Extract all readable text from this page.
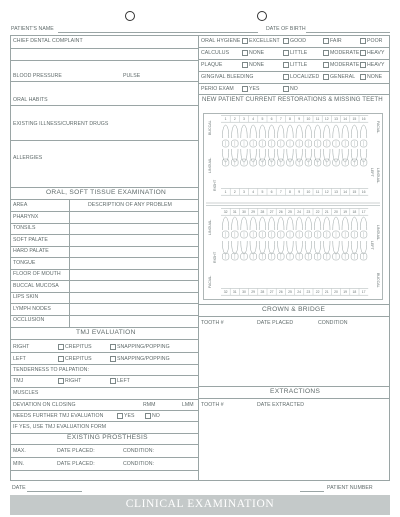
PATIENT'S NAME	DATE OF BIRTH
CHIEF DENTAL COMPLAINT
BLOOD PRESSURE	PULSE
ORAL HABITS
EXISTING ILLNESS/CURRENT DRUGS
ALLERGIES
ORAL, SOFT TISSUE EXAMINATION
AREA	DESCRIPTION OF ANY PROBLEM
PHARYNX
TONSILS
SOFT PALATE
HARD PALATE
TONGUE
FLOOR OF MOUTH
BUCCAL MUCOSA
LIPS SKIN
LYMPH NODES
OCCLUSION
TMJ EVALUATION
RIGHT	CREPITUS	SNAPPING/POPPING
LEFT	CREPITUS	SNAPPING/POPPING
TENDERNESS TO PALPATION:
TMJ	RIGHT	LEFT
MUSCLES
DEVIATION ON CLOSING	RMM	LMM
NEEDS FURTHER TMJ EVALUATION	YES	NO
IF YES, USE TMJ EVALUATION FORM
EXISTING PROSTHESIS
MAX.	DATE PLACED:	CONDITION:
MIN.	DATE PLACED:	CONDITION:
ORAL HYGIENE EXCELLENT GOOD	FAIR	POOR
CALCULUS	NONE	LITTLE	MODERATE HEAVY
PLAQUE	NONE	LITTLE	MODERATE HEAVY
GINGIVAL BLEEDING	LOCALIZED GENERAL NONE
PERIO EXAM	YES	NO
NEW PATIENT CURRENT RESTORATIONS & MISSING TEETH
1 2 3 4 5 6 7 8 9 10 11 12 13 14 15 16
1 2 3 4 5 6 7 8 9 10 11 12 13 14 15 16
32 31 30 29 28 27 26 25 24 23 22 21 20 19 18 17
32 31 30 29 28 27 26 25 24 23 22 21 20 19 18 17
BUCCAL
LINGUAL
RIGHT
FACIAL
LEFT LINGUAL
LINGUAL
RIGHT
FACIAL
LEFT
LINGUAL
BUCCAL
CROWN & BRIDGE
TOOTH #	DATE PLACED	CONDITION
EXTRACTIONS
TOOTH #	DATE EXTRACTED
DATE	PATIENT NUMBER
CLINICAL EXAMINATION
